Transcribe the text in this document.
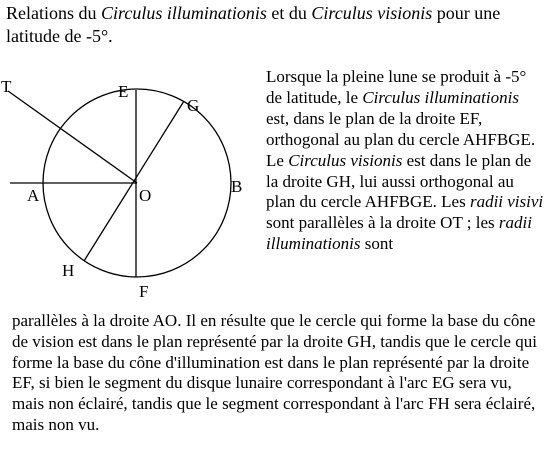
Relations du Circulus illuminationis et du Circulus visionis pour une latitude de -5°.

T	E
G
A	O	B
H
F

Lorsque la pleine lune se produit à -5° de latitude, le Circulus illuminationis est, dans le plan de la droite EF, orthogonal au plan du cercle AHFBGE. Le Circulus visionis est dans le plan de la droite GH, lui aussi orthogonal au plan du cercle AHFBGE. Les radii visivi sont parallèles à la droite OT ; les radii illuminationis sont

parallèles à la droite AO. Il en résulte que le cercle qui forme la base du cône de vision est dans le plan représenté par la droite GH, tandis que le cercle qui forme la base du cône d'illumination est dans le plan représenté par la droite EF, si bien le segment du disque lunaire correspondant à l'arc EG sera vu, mais non éclairé, tandis que le segment correspondant à l'arc FH sera éclairé, mais non vu.
